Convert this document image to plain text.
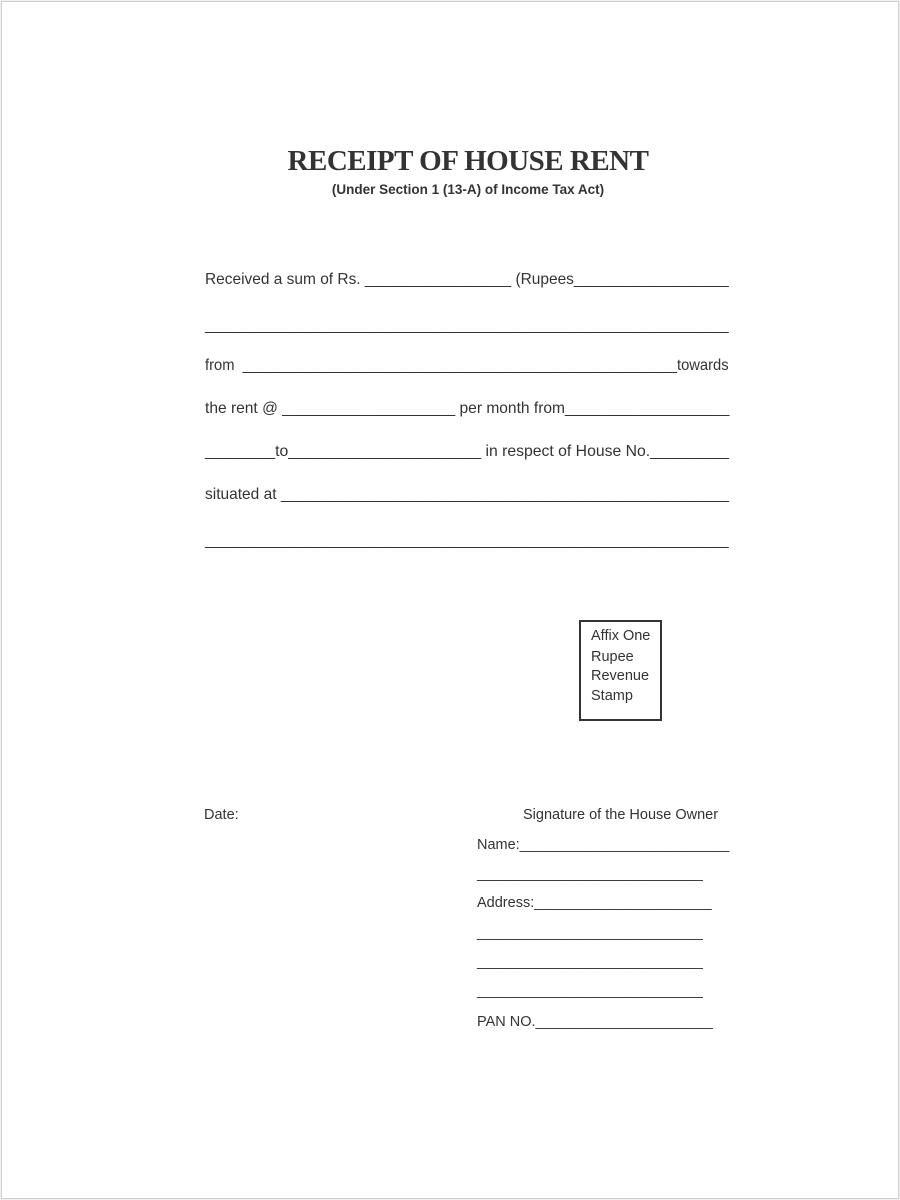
RECEIPT OF HOUSE RENT
(Under Section 1 (13-A) of Income Tax Act)
Received a sum of Rs. _________________ (Rupees__________________
_______________________________________________________________
from  _____________________________________________________towards
the rent @ ____________________ per month from___________________
________to______________________ in respect of House No._________
situated at ____________________________________________________
_______________________________________________________________
Affix One
Rupee
Revenue
Stamp
Date:	Signature of the House Owner
Name:__________________________
____________________________
Address:______________________
____________________________
____________________________
____________________________
PAN NO.______________________
